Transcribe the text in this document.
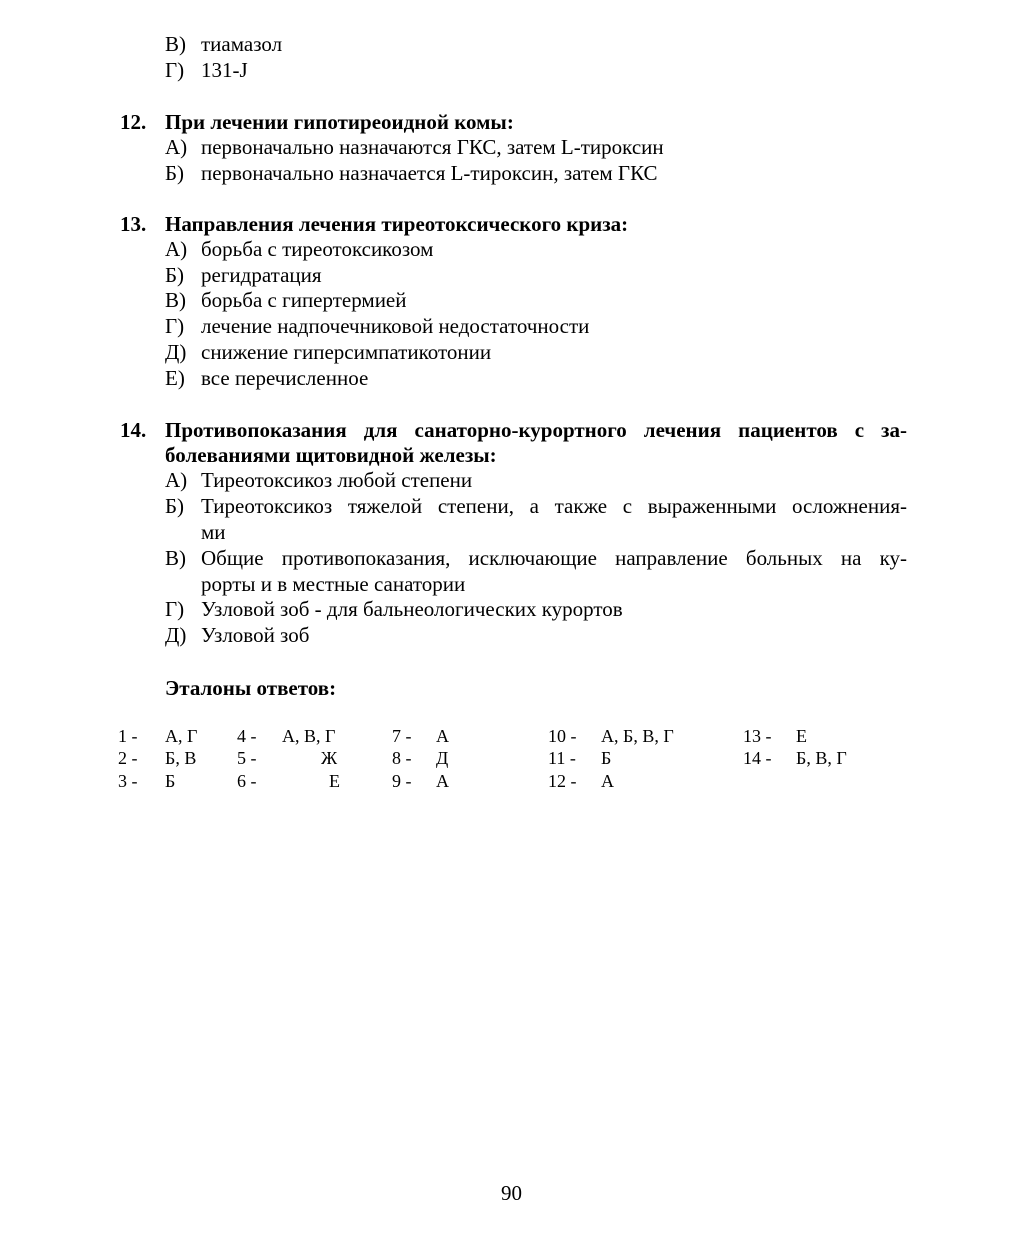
В) тиамазол
Г) 131-J
12. При лечении гипотиреоидной комы:
А) первоначально назначаются ГКС, затем L-тироксин
Б) первоначально назначается L-тироксин, затем ГКС
13. Направления лечения тиреотоксического криза:
А) борьба с тиреотоксикозом
Б) регидратация
В) борьба с гипертермией
Г) лечение надпочечниковой недостаточности
Д) снижение гиперсимпатикотонии
Е) все перечисленное
14. Противопоказания для санаторно-курортного лечения пациентов с за-
болеваниями щитовидной железы:
А) Тиреотоксикоз любой степени
Б) Тиреотоксикоз тяжелой степени, а также с выраженными осложнения-
ми
В) Общие противопоказания, исключающие направление больных на ку-
рорты и в местные санатории
Г) Узловой зоб - для бальнеологических курортов
Д) Узловой зоб
Эталоны ответов:
1 - А, Г
2 - Б, В
3 - Б
4 - А, В, Г
5 -	Ж
6 -	Е
7 - А
8 - Д
9 - А
10 - А, Б, В, Г
11 - Б
12 - А
13 - Е
14 - Б, В, Г
90
